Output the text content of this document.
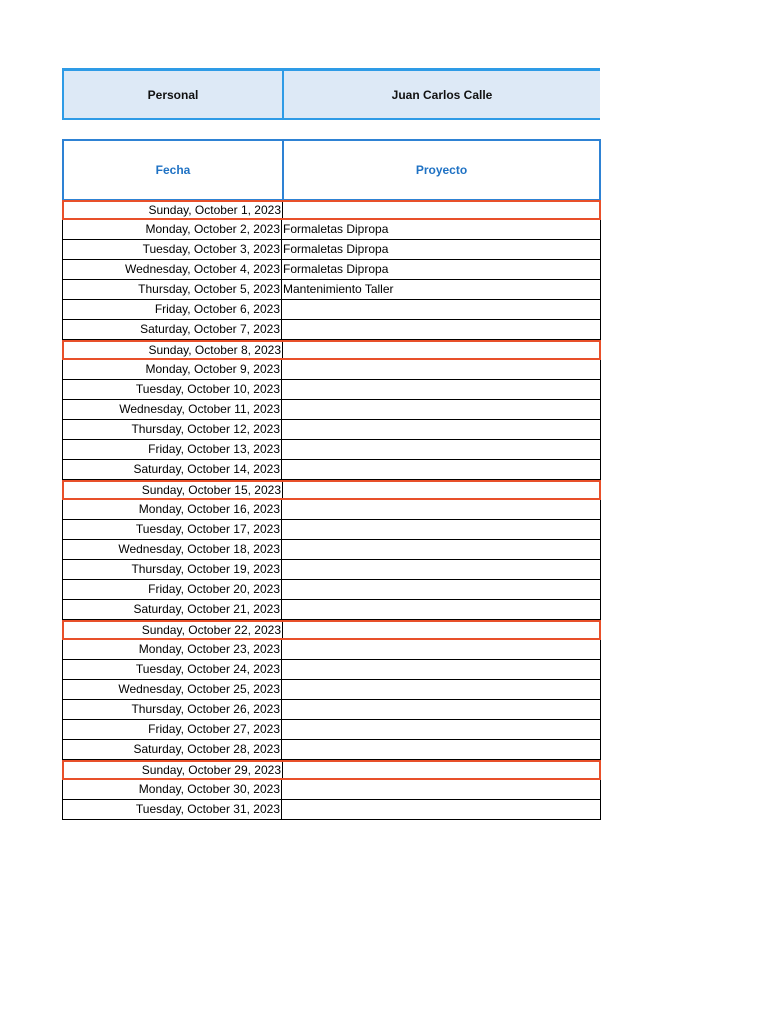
Personal	Juan Carlos Calle
Fecha	Proyecto
Sunday, October 1, 2023
Monday, October 2, 2023 Formaletas Dipropa
Tuesday, October 3, 2023 Formaletas Dipropa
Wednesday, October 4, 2023 Formaletas Dipropa
Thursday, October 5, 2023 Mantenimiento Taller
Friday, October 6, 2023
Saturday, October 7, 2023
Sunday, October 8, 2023
Monday, October 9, 2023
Tuesday, October 10, 2023
Wednesday, October 11, 2023
Thursday, October 12, 2023
Friday, October 13, 2023
Saturday, October 14, 2023
Sunday, October 15, 2023
Monday, October 16, 2023
Tuesday, October 17, 2023
Wednesday, October 18, 2023
Thursday, October 19, 2023
Friday, October 20, 2023
Saturday, October 21, 2023
Sunday, October 22, 2023
Monday, October 23, 2023
Tuesday, October 24, 2023
Wednesday, October 25, 2023
Thursday, October 26, 2023
Friday, October 27, 2023
Saturday, October 28, 2023
Sunday, October 29, 2023
Monday, October 30, 2023
Tuesday, October 31, 2023
